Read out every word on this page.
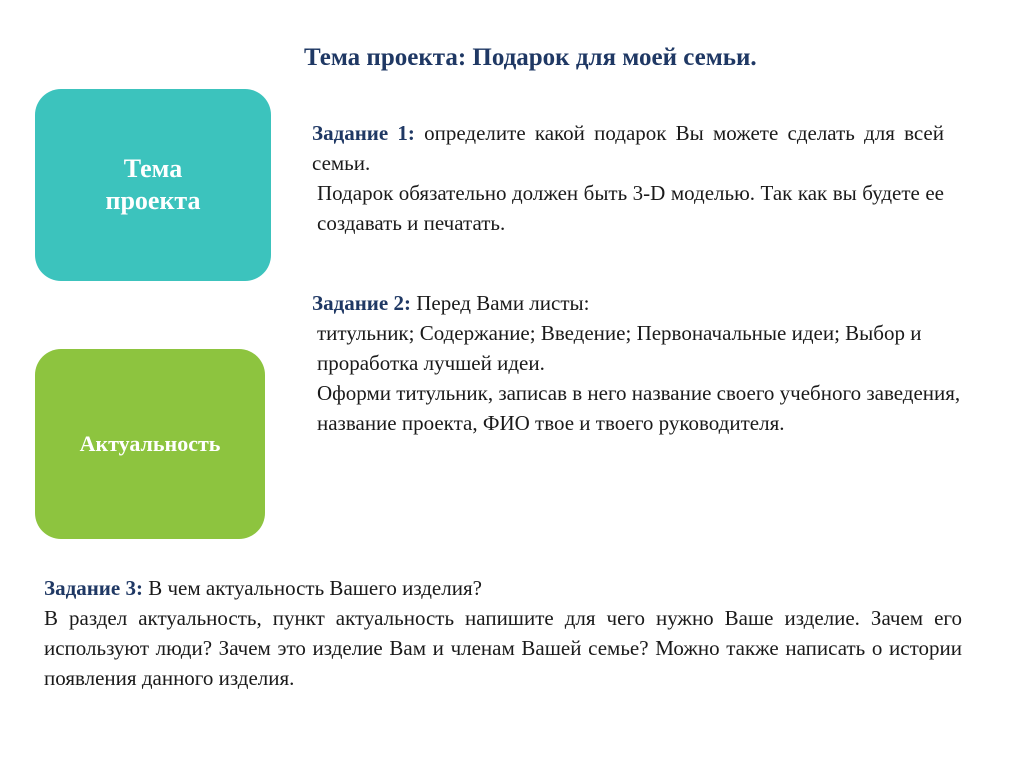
Тема проекта: Подарок для моей семьи.
Тема проекта
Актуальность
Задание 1: определите какой подарок Вы можете сделать для всей семьи.
Подарок обязательно должен быть 3-D моделью. Так как вы будете ее создавать и печатать.
Задание 2: Перед Вами листы:
титульник; Содержание; Введение; Первоначальные идеи; Выбор и проработка лучшей идеи.
Оформи титульник, записав в него название своего учебного заведения, название проекта, ФИО твое и твоего руководителя.
Задание 3: В чем актуальность Вашего изделия?
В раздел актуальность, пункт актуальность напишите для чего нужно Ваше изделие. Зачем его используют люди? Зачем это изделие Вам и членам Вашей семье? Можно также написать о истории появления данного изделия.
